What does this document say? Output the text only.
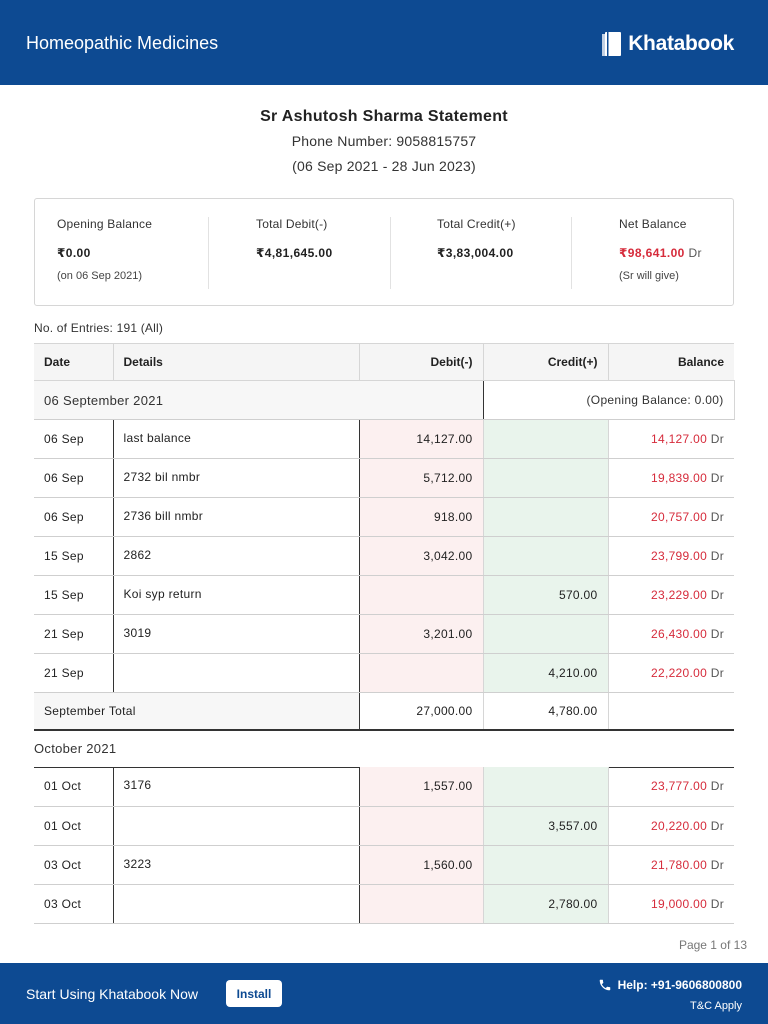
Homeopathic Medicines	Khatabook
Sr Ashutosh Sharma Statement
Phone Number: 9058815757
(06 Sep 2021 - 28 Jun 2023)
Opening Balance
₹0.00
(on 06 Sep 2021)
Total Debit(-)
₹4,81,645.00
Total Credit(+)
₹3,83,004.00
Net Balance
₹98,641.00 Dr
(Sr will give)
No. of Entries: 191 (All)
Date	Details	Debit(-)	Credit(+)	Balance
06 September 2021			(Opening Balance: 0.00)	
06 Sep	last balance	14,127.00		14,127.00 Dr
06 Sep	2732 bil nmbr	5,712.00		19,839.00 Dr
06 Sep	2736 bill nmbr	918.00		20,757.00 Dr
15 Sep	2862	3,042.00		23,799.00 Dr
15 Sep	Koi syp return		570.00	23,229.00 Dr
21 Sep	3019	3,201.00		26,430.00 Dr
21 Sep			4,210.00	22,220.00 Dr
September Total		27,000.00	4,780.00	
October 2021
01 Oct	3176	1,557.00		23,777.00 Dr
01 Oct			3,557.00	20,220.00 Dr
03 Oct	3223	1,560.00		21,780.00 Dr
03 Oct			2,780.00	19,000.00 Dr
Page 1 of 13
Start Using Khatabook Now	Install
Help: +91-9606800800
T&C Apply
